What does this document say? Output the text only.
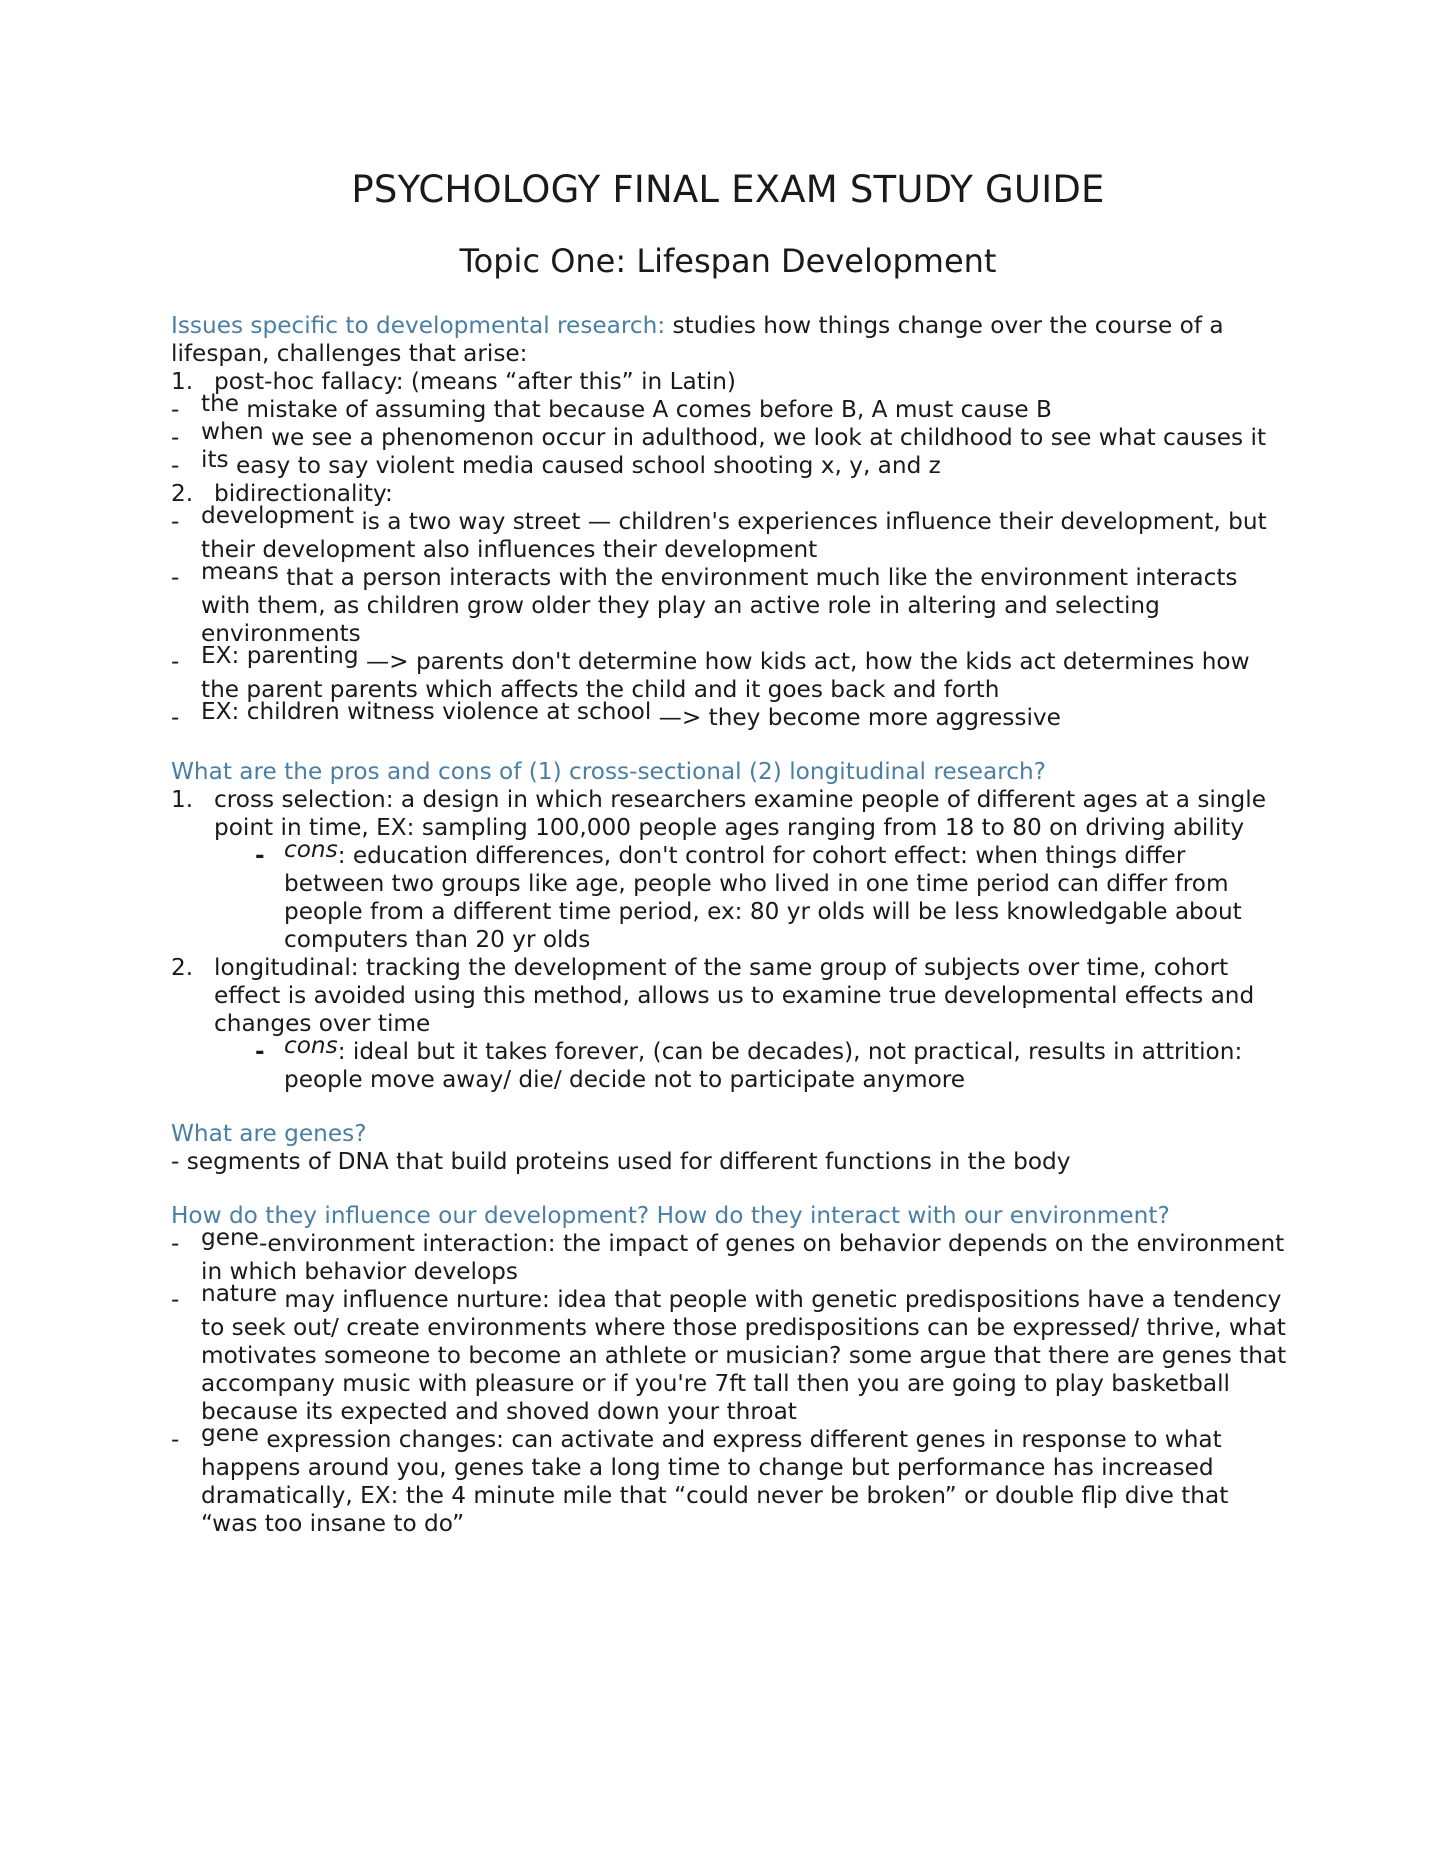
PSYCHOLOGY FINAL EXAM STUDY GUIDE
Topic One: Lifespan Development
Issues specific to developmental research: studies how things change over the course of a lifespan, challenges that arise:
1. post-hoc fallacy: (means “after this” in Latin)
- the mistake of assuming that because A comes before B, A must cause B
- when we see a phenomenon occur in adulthood, we look at childhood to see what causes it
- its easy to say violent media caused school shooting x, y, and z
2. bidirectionality:
- development is a two way street — children's experiences influence their development, but their development also influences their development
- means that a person interacts with the environment much like the environment interacts with them, as children grow older they play an active role in altering and selecting environments
- EX: parenting —> parents don't determine how kids act, how the kids act determines how the parent parents which affects the child and it goes back and forth
- EX: children witness violence at school —> they become more aggressive
What are the pros and cons of (1) cross-sectional (2) longitudinal research?
1. cross selection: a design in which researchers examine people of different ages at a single point in time, EX: sampling 100,000 people ages ranging from 18 to 80 on driving ability
- cons: education differences, don't control for cohort effect: when things differ between two groups like age, people who lived in one time period can differ from people from a different time period, ex: 80 yr olds will be less knowledgable about computers than 20 yr olds
2. longitudinal: tracking the development of the same group of subjects over time, cohort effect is avoided using this method, allows us to examine true developmental effects and changes over time
- cons: ideal but it takes forever, (can be decades), not practical, results in attrition: people move away/ die/ decide not to participate anymore
What are genes?
- segments of DNA that build proteins used for different functions in the body
How do they influence our development? How do they interact with our environment?
- gene-environment interaction: the impact of genes on behavior depends on the environment in which behavior develops
- nature may influence nurture: idea that people with genetic predispositions have a tendency to seek out/ create environments where those predispositions can be expressed/ thrive, what motivates someone to become an athlete or musician? some argue that there are genes that accompany music with pleasure or if you're 7ft tall then you are going to play basketball because its expected and shoved down your throat
- gene expression changes: can activate and express different genes in response to what happens around you, genes take a long time to change but performance has increased dramatically, EX: the 4 minute mile that “could never be broken” or double flip dive that “was too insane to do”
